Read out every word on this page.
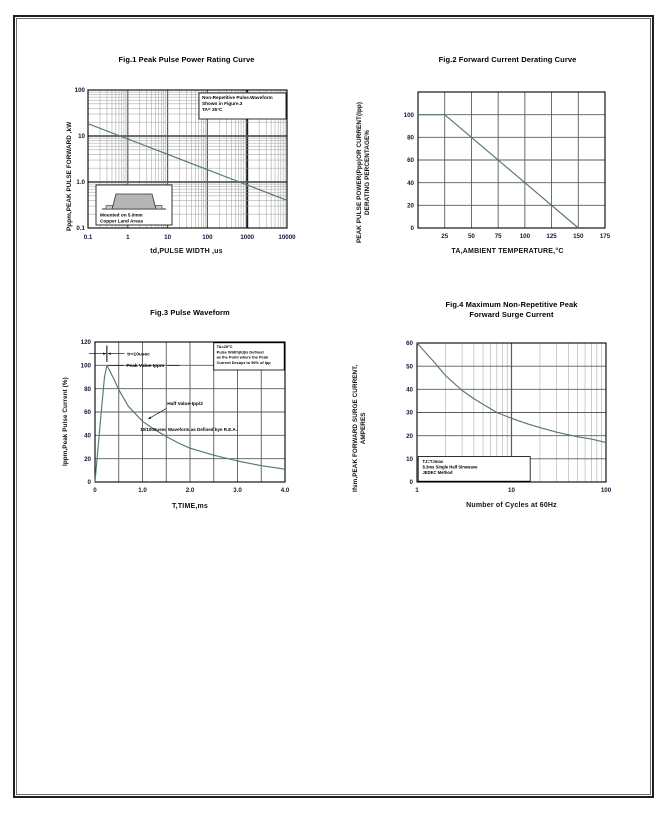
Fig.1 Peak Pulse Power Rating Curve
Pppm,PEAK PULSE FORWARD ,kW
0.1	1	10	100	1000	10000
0.1
1.0
10
100
Non-Repetitive Pulse.Waveform
Shown in Figure.3
TA= 25°C
Mounted on 5.0mm
Copper Land Areas
td,PULSE WIDTH ,us
Fig.2 Forward Current Derating Curve
PEAK PULSE POWER(Ppp)OR CURRENT(Ipp) DERATING PERCENTAGE%
25	50	75	100	125	150	175
0
20
40
60
80
100
TA,AMBIENT TEMPERATURE,°C
Fig.3 Pulse Waveform
Ippm,Peak Pulse Current (%)
0	1.0	2.0	3.0	4.0
0
20
40
60
80
100
120
tr=10usec
Peak Value Ippm
Half Value-Ipp/2
10/1000usec Waveform as Defined bye R.E.A.
TA=25°C
Pulse Width(td)is Defined
as the Point where the Peak
Current Decays to 50% of Ipp
T,TIME,ms
Fig.4 Maximum Non-Repetitive Peak
Forward Surge Current
Ifsm,PEAK FORWARD SURGE CURRENT, AMPERES
1	10	100
0
10
20
30
40
50
60
TJ=TJmax
8.3ms Single Half Sinewave
JEDEC Method
Number of Cycles at 60Hz
